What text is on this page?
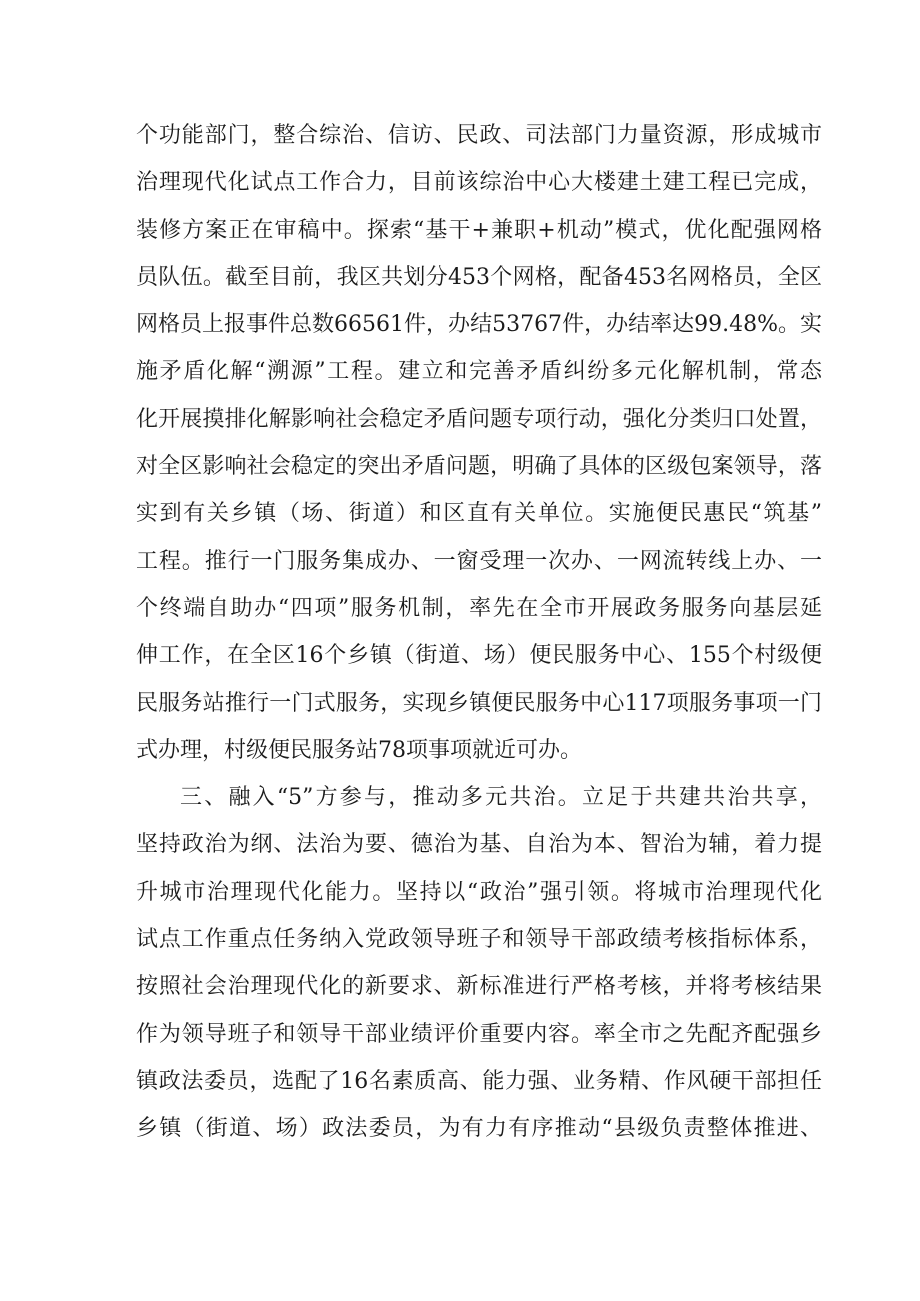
个功能部门，整合综治、信访、民政、司法部门力量资源，形成城市
治理现代化试点工作合力，目前该综治中心大楼建土建工程已完成，
装修方案正在审稿中。探索“基干+兼职+机动”模式，优化配强网格
员队伍。截至目前，我区共划分453个网格，配备453名网格员，全区
网格员上报事件总数66561件，办结53767件，办结率达99.48%。实
施矛盾化解“溯源”工程。建立和完善矛盾纠纷多元化解机制，常态
化开展摸排化解影响社会稳定矛盾问题专项行动，强化分类归口处置，
对全区影响社会稳定的突出矛盾问题，明确了具体的区级包案领导，落
实到有关乡镇（场、街道）和区直有关单位。实施便民惠民“筑基”
工程。推行一门服务集成办、一窗受理一次办、一网流转线上办、一
个终端自助办“四项”服务机制，率先在全市开展政务服务向基层延
伸工作，在全区16个乡镇（街道、场）便民服务中心、155个村级便
民服务站推行一门式服务，实现乡镇便民服务中心117项服务事项一门
式办理，村级便民服务站78项事项就近可办。
三、融入“5”方参与，推动多元共治。立足于共建共治共享，
坚持政治为纲、法治为要、德治为基、自治为本、智治为辅，着力提
升城市治理现代化能力。坚持以“政治”强引领。将城市治理现代化
试点工作重点任务纳入党政领导班子和领导干部政绩考核指标体系，
按照社会治理现代化的新要求、新标准进行严格考核，并将考核结果
作为领导班子和领导干部业绩评价重要内容。率全市之先配齐配强乡
镇政法委员，选配了16名素质高、能力强、业务精、作风硬干部担任
乡镇（街道、场）政法委员，为有力有序推动“县级负责整体推进、
